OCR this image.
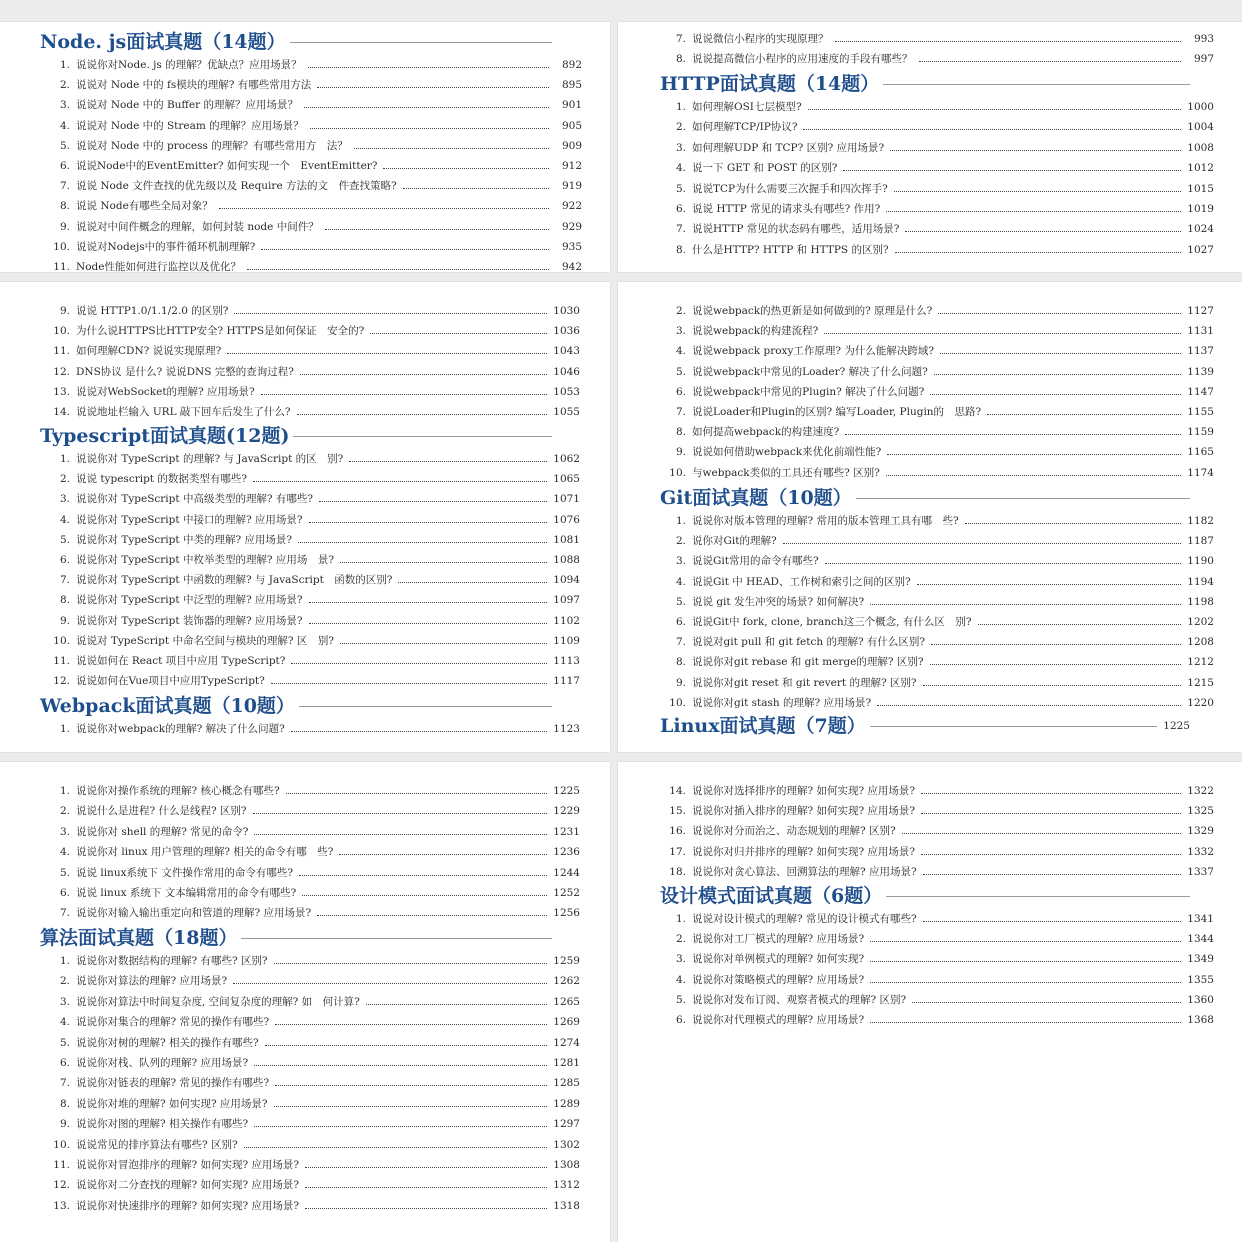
Node. js面试真题（14题）
1. 说说你对Node. js 的理解？优缺点？应用场景？	892
2. 说说对 Node 中的 fs模块的理解? 有哪些常用方法	895
3. 说说对 Node 中的 Buffer 的理解？应用场景？	901
4. 说说对 Node 中的 Stream 的理解？应用场景？	905
5. 说说对 Node 中的 process 的理解？有哪些常用方　法？	909
6. 说说Node中的EventEmitter? 如何实现一个　EventEmitter?	912
7. 说说 Node 文件查找的优先级以及 Require 方法的文　件查找策略?	919
8. 说说 Node有哪些全局对象？	922
9. 说说对中间件概念的理解，如何封装 node 中间件？	929
10. 说说对Nodejs中的事件循环机制理解?	935
11. Node性能如何进行监控以及优化？	942
7. 说说微信小程序的实现原理？	993
8. 说说提高微信小程序的应用速度的手段有哪些？	997
HTTP面试真题（14题）
1. 如何理解OSI七层模型?	1000
2. 如何理解TCP/IP协议?	1004
3. 如何理解UDP 和 TCP? 区别? 应用场景?	1008
4. 说一下 GET 和 POST 的区别?	1012
5. 说说TCP为什么需要三次握手和四次挥手?	1015
6. 说说 HTTP 常见的请求头有哪些? 作用?	1019
7. 说说HTTP 常见的状态码有哪些，适用场景?	1024
8. 什么是HTTP? HTTP 和 HTTPS 的区别?	1027
9. 说说 HTTP1.0/1.1/2.0 的区别?	1030
10. 为什么说HTTPS比HTTP安全? HTTPS是如何保证　安全的?	1036
11. 如何理解CDN? 说说实现原理?	1043
12. DNS协议 是什么? 说说DNS 完整的查询过程?	1046
13. 说说对WebSocket的理解? 应用场景?	1053
14. 说说地址栏输入 URL 敲下回车后发生了什么?	1055
Typescript面试真题(12题)
1. 说说你对 TypeScript 的理解? 与 JavaScript 的区　别?	1062
2. 说说 typescript 的数据类型有哪些?	1065
3. 说说你对 TypeScript 中高级类型的理解? 有哪些?	1071
4. 说说你对 TypeScript 中接口的理解? 应用场景?	1076
5. 说说你对 TypeScript 中类的理解? 应用场景?	1081
6. 说说你对 TypeScript 中枚举类型的理解? 应用场　景?	1088
7. 说说你对 TypeScript 中函数的理解? 与 JavaScript　函数的区别?	1094
8. 说说你对 TypeScript 中泛型的理解? 应用场景?	1097
9. 说说你对 TypeScript 装饰器的理解? 应用场景?	1102
10. 说说对 TypeScript 中命名空间与模块的理解? 区　别?	1109
11. 说说如何在 React 项目中应用 TypeScript?	1113
12. 说说如何在Vue项目中应用TypeScript?	1117
Webpack面试真题（10题）
1. 说说你对webpack的理解? 解决了什么问题?	1123
2. 说说webpack的热更新是如何做到的? 原理是什么?	1127
3. 说说webpack的构建流程?	1131
4. 说说webpack proxy工作原理? 为什么能解决跨域?	1137
5. 说说webpack中常见的Loader? 解决了什么问题?	1139
6. 说说webpack中常见的Plugin? 解决了什么问题?	1147
7. 说说Loader和Plugin的区别? 编写Loader, Plugin的　思路?	1155
8. 如何提高webpack的构建速度?	1159
9. 说说如何借助webpack来优化前端性能?	1165
10. 与webpack类似的工具还有哪些? 区别?	1174
Git面试真题（10题）
1. 说说你对版本管理的理解? 常用的版本管理工具有哪　些?	1182
2. 说你对Git的理解?	1187
3. 说说Git常用的命令有哪些?	1190
4. 说说Git 中 HEAD、工作树和索引之间的区别?	1194
5. 说说 git 发生冲突的场景? 如何解决?	1198
6. 说说Git中 fork, clone, branch这三个概念, 有什么区　别?	1202
7. 说说对git pull 和 git fetch 的理解? 有什么区别?	1208
8. 说说你对git rebase 和 git merge的理解? 区别?	1212
9. 说说你对git reset 和 git revert 的理解? 区别?	1215
10. 说说你对git stash 的理解? 应用场景?	1220
Linux面试真题（7题）	1225
1. 说说你对操作系统的理解? 核心概念有哪些?	1225
2. 说说什么是进程? 什么是线程? 区别?	1229
3. 说说你对 shell 的理解? 常见的命令?	1231
4. 说说你对 linux 用户管理的理解? 相关的命令有哪　些?	1236
5. 说说 linux系统下 文件操作常用的命令有哪些?	1244
6. 说说 linux 系统下 文本编辑常用的命令有哪些?	1252
7. 说说你对输入输出重定向和管道的理解? 应用场景?	1256
算法面试真题（18题）
1. 说说你对数据结构的理解? 有哪些? 区别?	1259
2. 说说你对算法的理解? 应用场景?	1262
3. 说说你对算法中时间复杂度, 空间复杂度的理解? 如　何计算?	1265
4. 说说你对集合的理解? 常见的操作有哪些?	1269
5. 说说你对树的理解? 相关的操作有哪些?	1274
6. 说说你对栈、队列的理解? 应用场景?	1281
7. 说说你对链表的理解? 常见的操作有哪些?	1285
8. 说说你对堆的理解? 如何实现? 应用场景?	1289
9. 说说你对图的理解? 相关操作有哪些?	1297
10. 说说常见的排序算法有哪些? 区别?	1302
11. 说说你对冒泡排序的理解? 如何实现? 应用场景?	1308
12. 说说你对二分查找的理解? 如何实现? 应用场景?	1312
13. 说说你对快速排序的理解? 如何实现? 应用场景?	1318
14. 说说你对选择排序的理解? 如何实现? 应用场景?	1322
15. 说说你对插入排序的理解? 如何实现? 应用场景?	1325
16. 说说你对分而治之、动态规划的理解? 区别?	1329
17. 说说你对归并排序的理解? 如何实现? 应用场景?	1332
18. 说说你对贪心算法、回溯算法的理解? 应用场景?	1337
设计模式面试真题（6题）
1. 说说对设计模式的理解? 常见的设计模式有哪些?	1341
2. 说说你对工厂模式的理解? 应用场景?	1344
3. 说说你对单例模式的理解? 如何实现?	1349
4. 说说你对策略模式的理解? 应用场景?	1355
5. 说说你对发布订阅、观察者模式的理解? 区别?	1360
6. 说说你对代理模式的理解? 应用场景?	1368
